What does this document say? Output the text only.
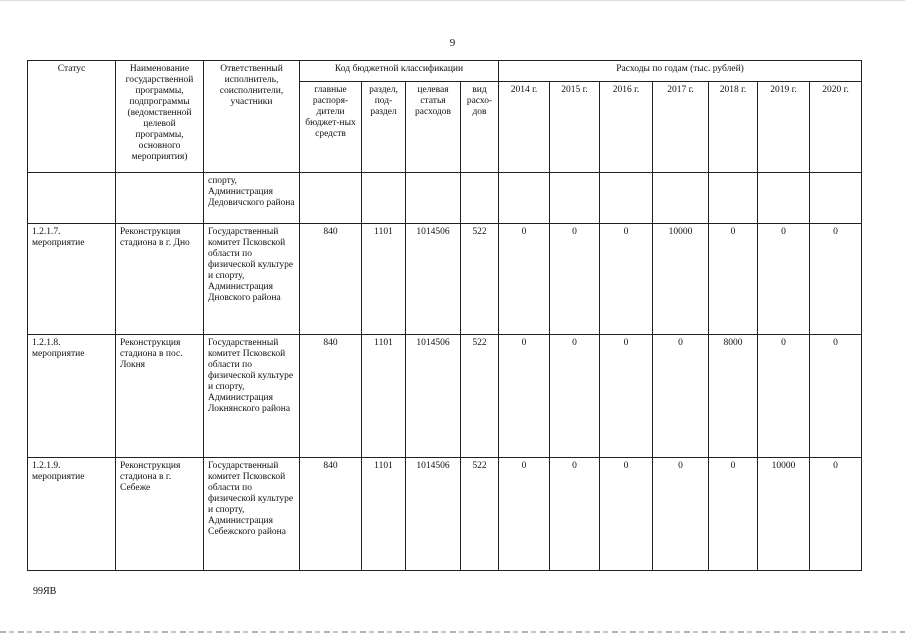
9
Статус	Наименование государственной программы, подпрограммы (ведомственной целевой программы, основного мероприятия)	Ответственный исполнитель, соисполнители, участники	Код бюджетной классификации				Расходы по годам (тыс. рублей)						
			главные распоря-дители бюджет-ных средств	раздел, под-раздел	целевая статья расходов	вид расхо-дов	2014 г.	2015 г.	2016 г.	2017 г.	2018 г.	2019 г.	2020 г.
		спорту, Администрация Дедовичского района											
1.2.1.7. мероприятие	Реконструкция стадиона в г. Дно	Государственный комитет Псковской области по физической культуре и спорту, Администрация Дновского района	840	1101	1014506	522	0	0	0	10000	0	0	0
1.2.1.8. мероприятие	Реконструкция стадиона в пос. Локня	Государственный комитет Псковской области по физической культуре и спорту, Администрация Локнянского района	840	1101	1014506	522	0	0	0	0	8000	0	0
1.2.1.9. мероприятие	Реконструкция стадиона в г. Себеже	Государственный комитет Псковской области по физической культуре и спорту, Администрация Себежского района	840	1101	1014506	522	0	0	0	0	0	10000	0
99ЯВ
